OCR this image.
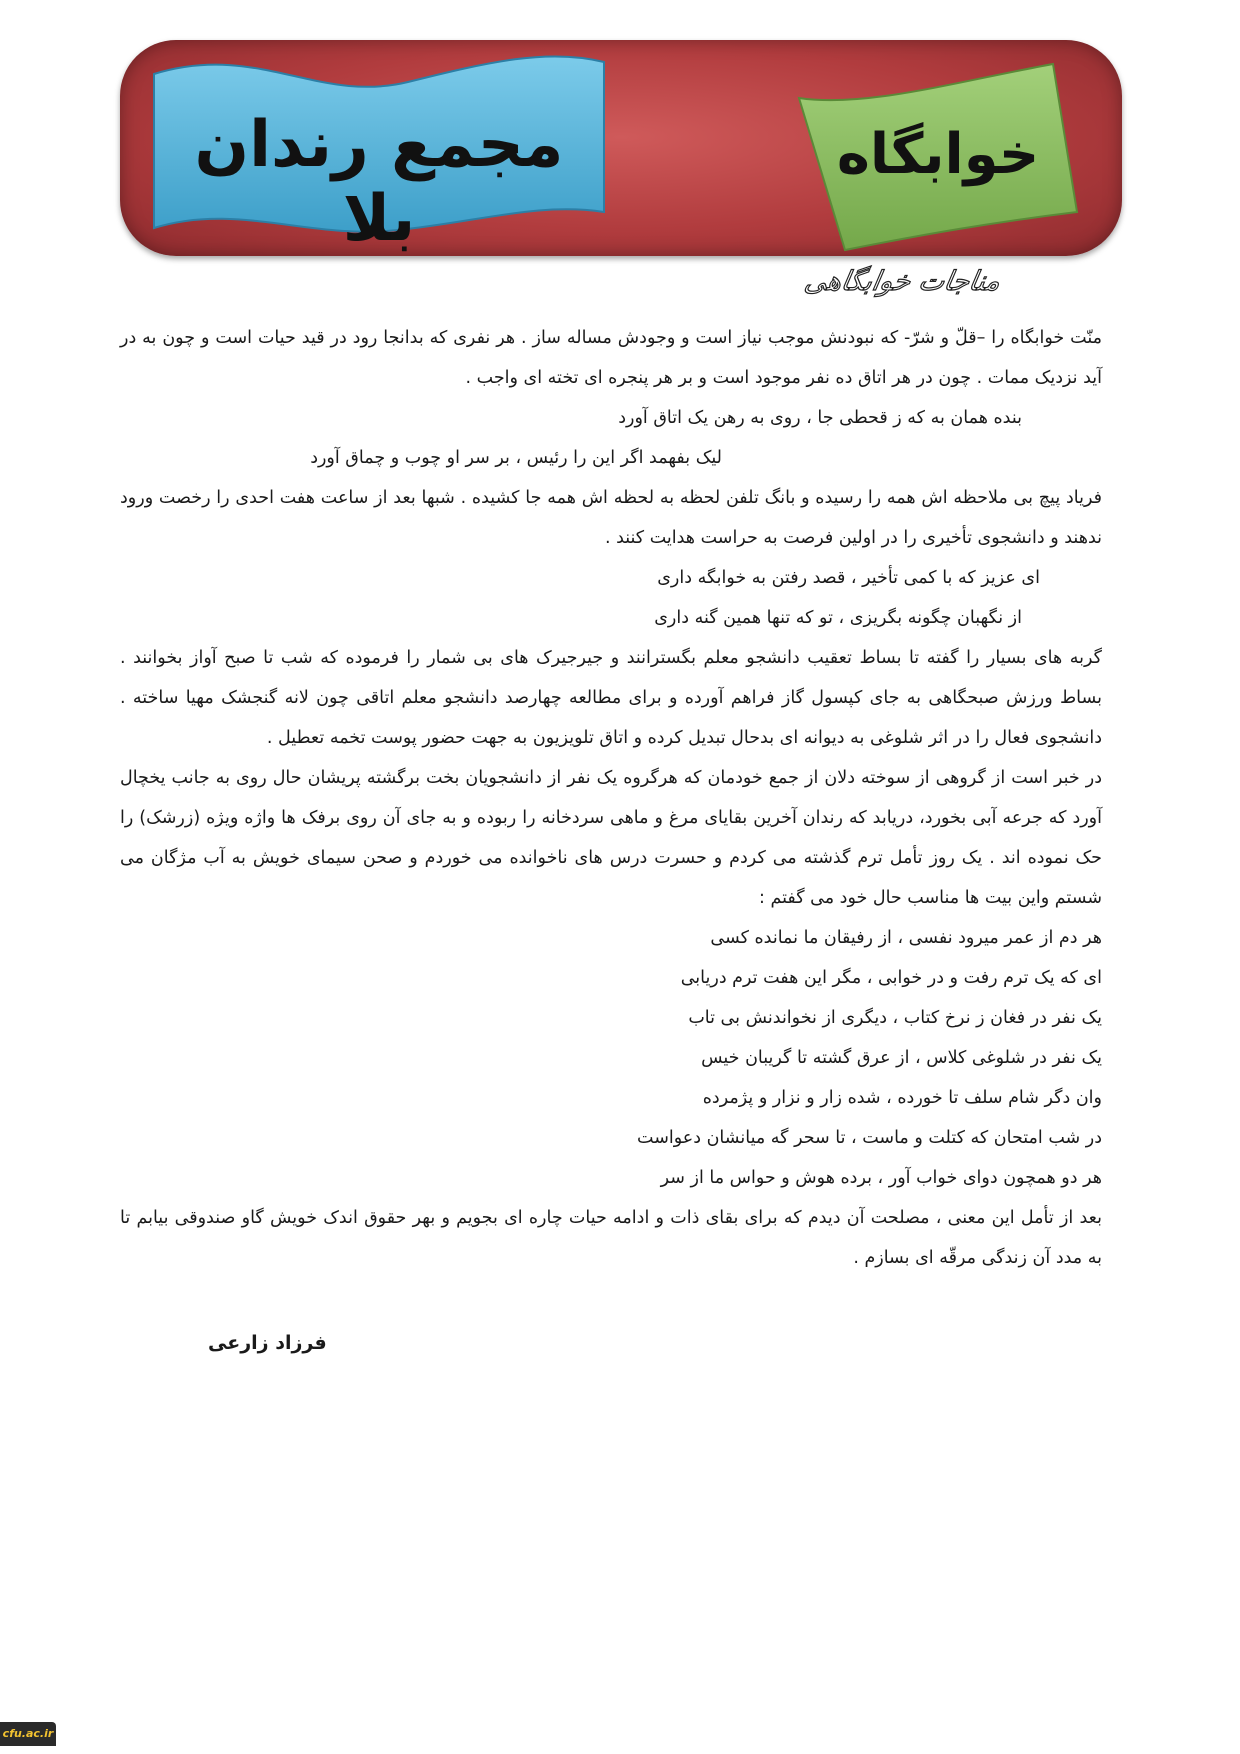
مجمع رندان بلا
خوابگاه
مناجات خوابگاهی

منّت خوابگاه را –قلّ و شرّ- که نبودنش موجب نیاز است و وجودش مساله ساز . هر نفری که بدانجا رود در قید حیات است و چون به در آید نزدیک ممات . چون در هر اتاق ده نفر موجود است و بر هر پنجره ای تخته ای واجب .

بنده همان به که ز قحطی جا ، روی به رهن یک اتاق آورد

لیک بفهمد اگر این را رئیس ، بر سر او چوب و چماق آورد

فریاد پیچ بی ملاحظه اش همه را رسیده و بانگ تلفن لحظه به لحظه اش همه جا کشیده . شبها بعد از ساعت هفت احدی را رخصت ورود ندهند و دانشجوی تأخیری را در اولین فرصت به حراست هدایت کنند .

ای عزیز که با کمی تأخیر ، قصد رفتن به خوابگه داری

از نگهبان چگونه بگریزی ، تو که تنها همین گنه داری

گربه های بسیار را گفته تا بساط تعقیب دانشجو معلم بگسترانند و جیرجیرک های بی شمار را فرموده که شب تا صبح آواز بخوانند . بساط ورزش صبحگاهی به جای کپسول گاز فراهم آورده و برای مطالعه چهارصد دانشجو معلم اتاقی چون لانه گنجشک مهیا ساخته . دانشجوی فعال را در اثر شلوغی به دیوانه ای بدحال تبدیل کرده و اتاق تلویزیون به جهت حضور پوست تخمه تعطیل .

در خبر است از گروهی از سوخته دلان از جمع خودمان که هرگروه یک نفر از دانشجویان بخت برگشته پریشان حال روی به جانب یخچال آورد که جرعه آبی بخورد، دریابد که رندان آخرین بقایای مرغ و ماهی سردخانه را ربوده و به جای آن روی برفک ها واژه ویژه (زرشک) را حک نموده اند . یک روز تأمل ترم گذشته می کردم و حسرت درس های ناخوانده می خوردم و صحن سیمای خویش به آب مژگان می شستم واین بیت ها مناسب حال خود می گفتم :

هر دم از عمر میرود نفسی ، از رفیقان ما نمانده کسی

ای که یک ترم رفت و در خوابی ، مگر این هفت ترم دریابی

یک نفر در فغان ز نرخ کتاب ، دیگری از نخواندنش بی تاب

یک نفر در شلوغی کلاس ، از عرق گشته تا گریبان خیس

وان دگر شام سلف تا خورده ، شده زار و نزار و پژمرده

در شب امتحان که کتلت و ماست ، تا سحر گه میانشان دعواست

هر دو همچون دوای خواب آور ، برده هوش و حواس ما از سر

بعد از تأمل این معنی ، مصلحت آن دیدم که برای بقای ذات و ادامه حیات چاره ای بجویم و بهر حقوق اندک خویش گاو صندوقی بیابم تا به مدد آن زندگی مرقّه ای بسازم .

فرزاد زارعی
cfu.ac.ir
